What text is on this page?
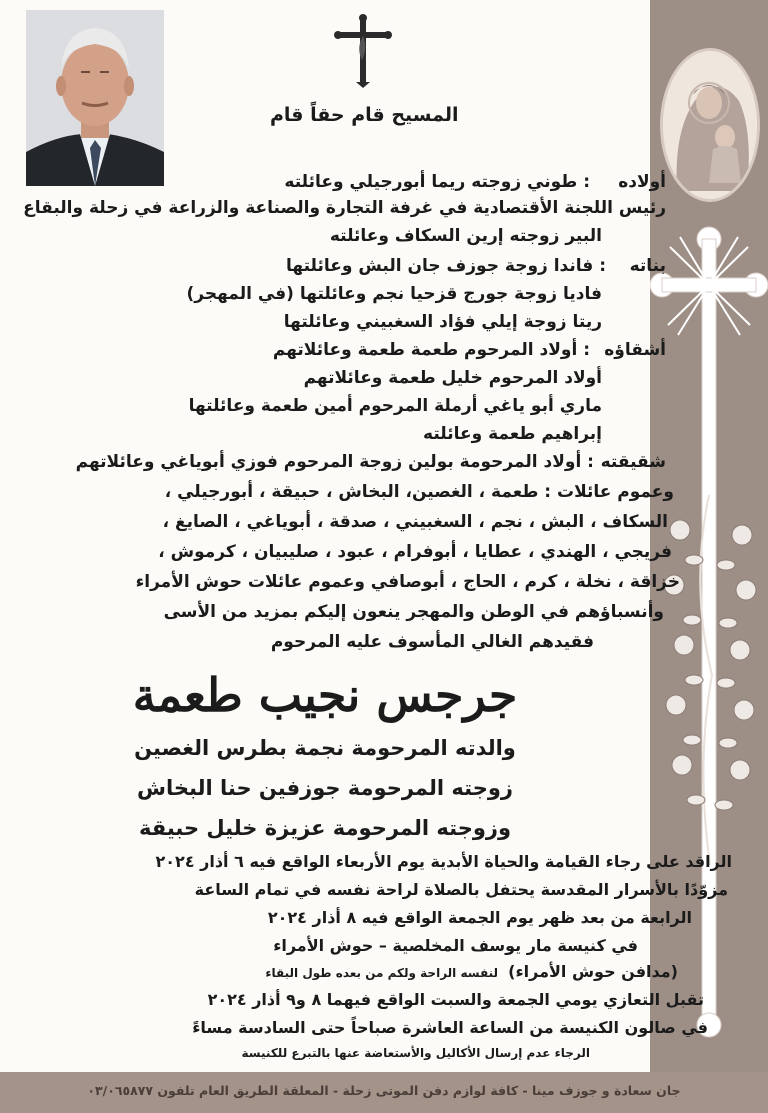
المسيح قام حقاً قام
أولاده
: طوني زوجته ريما أبورجيلي وعائلته
رئيس اللجنة الأقتصادية في غرفة التجارة والصناعة والزراعة في زحلة والبقاع
البير زوجته إرين السكاف وعائلته
بناته
: فاندا زوجة جوزف جان البش وعائلتها
فاديا زوجة جورج قزحيا نجم وعائلتها (في المهجر)
ريتا زوجة إيلي فؤاد السغبيني وعائلتها
أشقاؤه
: أولاد المرحوم طعمة طعمة وعائلاتهم
أولاد المرحوم خليل طعمة وعائلاتهم
ماري أبو ياغي أرملة المرحوم أمين طعمة وعائلتها
إبراهيم طعمة وعائلته
شقيقته
: أولاد المرحومة بولين زوجة المرحوم فوزي أبوياغي وعائلاتهم
وعموم عائلات : طعمة ، الغصين، البخاش ، حبيقة ، أبورجيلي ،
السكاف ، البش ، نجم ، السغبيني ، صدقة ، أبوياغي ، الصايغ ،
فريجي ، الهندي ، عطايا ، أبوفرام ، عبود ، صليبيان ، كرموش ،
خزاقة ، نخلة ، كرم ، الحاج ، أبوصافي وعموم عائلات حوش الأمراء
وأنسباؤهم في الوطن والمهجر ينعون إليكم بمزيد من الأسى
فقيدهم الغالي المأسوف عليه المرحوم
جرجس نجيب طعمة
والدته المرحومة نجمة بطرس الغصين
زوجته المرحومة جوزفين حنا البخاش
وزوجته المرحومة عزيزة خليل حبيقة
الراقد على رجاء القيامة والحياة الأبدية يوم الأربعاء الواقع فيه ٦ أذار ٢٠٢٤
مزوّدًا بالأسرار المقدسة يحتفل بالصلاة لراحة نفسه في تمام الساعة
الرابعة من بعد ظهر يوم الجمعة الواقع فيه ٨ أذار ٢٠٢٤
في كنيسة مار يوسف المخلصية – حوش الأمراء
لنفسه الراحة ولكم من بعده طول البقاء (مدافن حوش الأمراء)
تقبل التعازي يومي الجمعة والسبت الواقع فيهما ٨ و٩ أذار ٢٠٢٤
في صالون الكنيسة من الساعة العاشرة صباحاً حتى السادسة مساءً
الرجاء عدم إرسال الأكاليل والأستعاضة عنها بالتبرع للكنيسة
جان سعادة و جوزف مينا - كافة لوازم دفن الموتى زحلة - المعلقة الطريق العام تلفون ٠٣/٠٦٥٨٧٧
